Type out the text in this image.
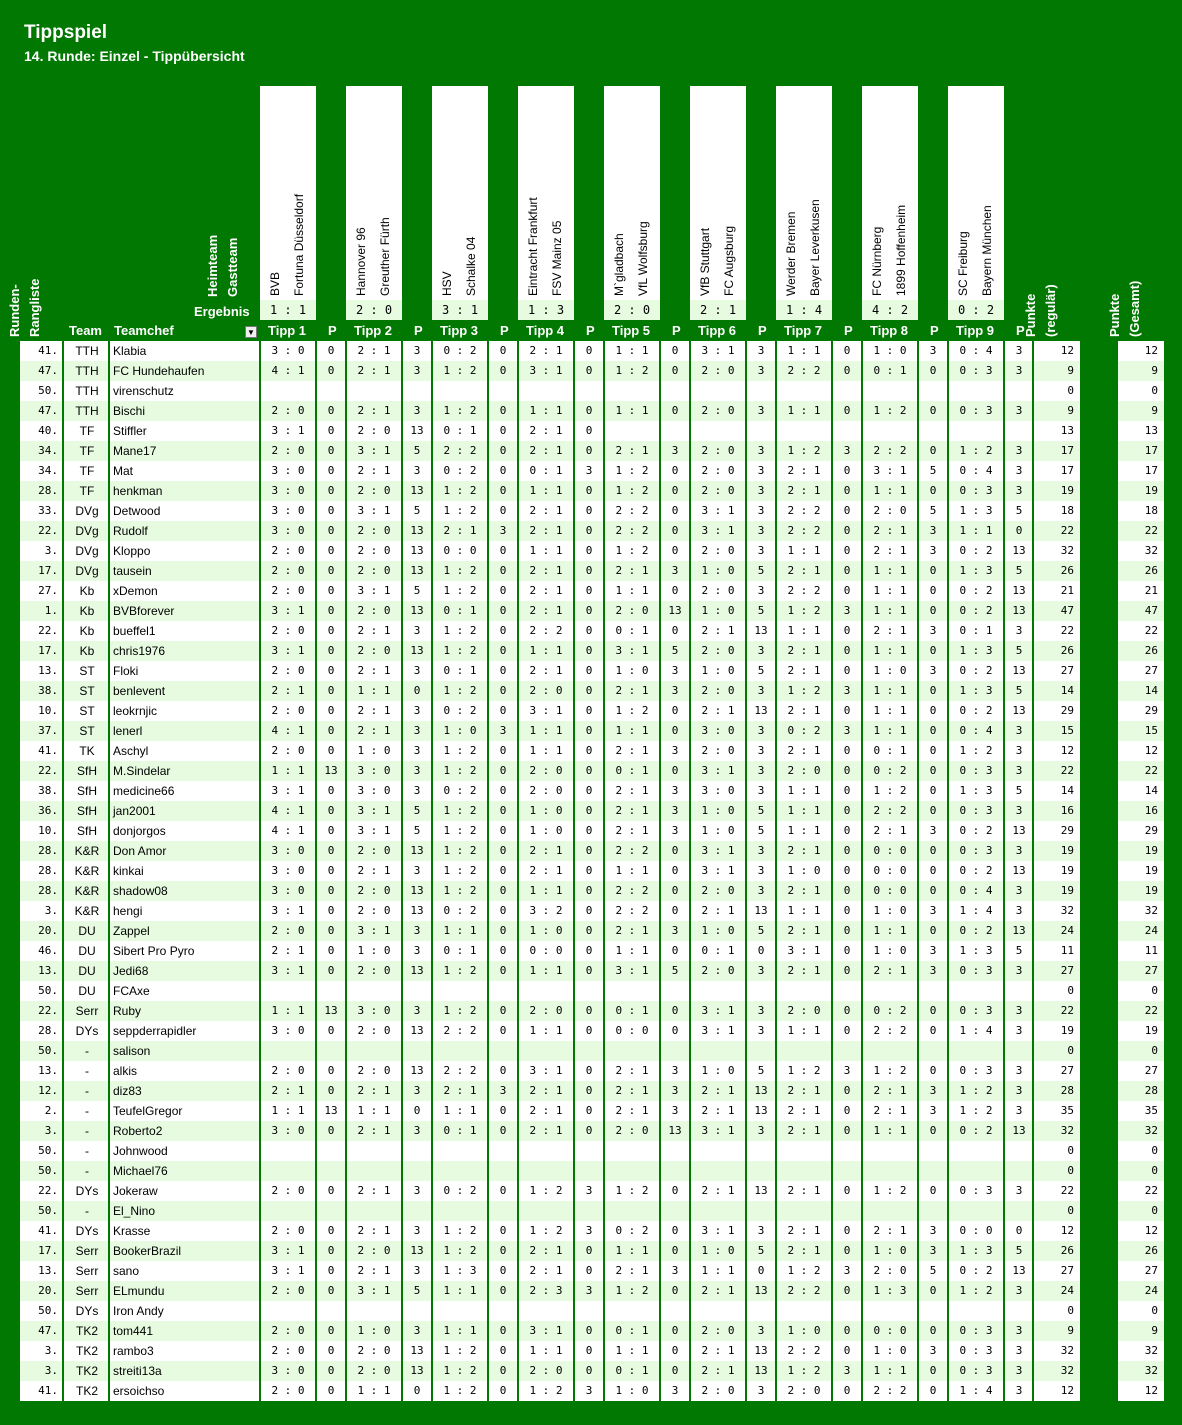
Tippspiel
14. Runde: Einzel - Tippübersicht
BVB Fortuna Düsseldorf
1 : 1
Hannover 96 Greuther Fürth
2 : 0
HSV Schalke 04
3 : 1
Eintracht Frankfurt FSV Mainz 05
1 : 3
M`gladbach VfL Wolfsburg
2 : 0
VfB Stuttgart FC Augsburg
2 : 1
Werder Bremen Bayer Leverkusen
1 : 4
FC Nürnberg 1899 Hoffenheim
4 : 2
SC Freiburg Bayern München
0 : 2
Heimteam Gastteam
Ergebnis
Runden- Rangliste Team Teamchef	▼ Tipp 1 P Tipp 2 P Tipp 3 P Tipp 4 P Tipp 5 P Tipp 6 P Tipp 7 P Tipp 8 P Tipp 9 P
Punkte (regulär)	Punkte (Gesamt)
41.	TTH	Klabia	3 : 0	0	2 : 1	3	0 : 2	0	2 : 1	0	1 : 1	0	3 : 1	3	1 : 1	0	1 : 0	3	0 : 4	3	12	12
47.	TTH	FC Hundehaufen	4 : 1	0	2 : 1	3	1 : 2	0	3 : 1	0	1 : 2	0	2 : 0	3	2 : 2	0	0 : 1	0	0 : 3	3	9	9
50.	TTH	virenschutz	0	0
47.	TTH	Bischi	2 : 0	0	2 : 1	3	1 : 2	0	1 : 1	0	1 : 1	0	2 : 0	3	1 : 1	0	1 : 2	0	0 : 3	3	9	9
40.	TF	Stiffler	3 : 1	0	2 : 0	13	0 : 1	0	2 : 1	0	13	13
34.	TF	Mane17	2 : 0	0	3 : 1	5	2 : 2	0	2 : 1	0	2 : 1	3	2 : 0	3	1 : 2	3	2 : 2	0	1 : 2	3	17	17
34.	TF	Mat	3 : 0	0	2 : 1	3	0 : 2	0	0 : 1	3	1 : 2	0	2 : 0	3	2 : 1	0	3 : 1	5	0 : 4	3	17	17
28.	TF	henkman	3 : 0	0	2 : 0	13	1 : 2	0	1 : 1	0	1 : 2	0	2 : 0	3	2 : 1	0	1 : 1	0	0 : 3	3	19	19
33.	DVg	Detwood	3 : 0	0	3 : 1	5	1 : 2	0	2 : 1	0	2 : 2	0	3 : 1	3	2 : 2	0	2 : 0	5	1 : 3	5	18	18
22.	DVg	Rudolf	3 : 0	0	2 : 0	13	2 : 1	3	2 : 1	0	2 : 2	0	3 : 1	3	2 : 2	0	2 : 1	3	1 : 1	0	22	22
3.	DVg	Kloppo	2 : 0	0	2 : 0	13	0 : 0	0	1 : 1	0	1 : 2	0	2 : 0	3	1 : 1	0	2 : 1	3	0 : 2	13	32	32
17.	DVg	tausein	2 : 0	0	2 : 0	13	1 : 2	0	2 : 1	0	2 : 1	3	1 : 0	5	2 : 1	0	1 : 1	0	1 : 3	5	26	26
27.	Kb	xDemon	2 : 0	0	3 : 1	5	1 : 2	0	2 : 1	0	1 : 1	0	2 : 0	3	2 : 2	0	1 : 1	0	0 : 2	13	21	21
1.	Kb	BVBforever	3 : 1	0	2 : 0	13	0 : 1	0	2 : 1	0	2 : 0	13	1 : 0	5	1 : 2	3	1 : 1	0	0 : 2	13	47	47
22.	Kb	bueffel1	2 : 0	0	2 : 1	3	1 : 2	0	2 : 2	0	0 : 1	0	2 : 1	13	1 : 1	0	2 : 1	3	0 : 1	3	22	22
17.	Kb	chris1976	3 : 1	0	2 : 0	13	1 : 2	0	1 : 1	0	3 : 1	5	2 : 0	3	2 : 1	0	1 : 1	0	1 : 3	5	26	26
13.	ST	Floki	2 : 0	0	2 : 1	3	0 : 1	0	2 : 1	0	1 : 0	3	1 : 0	5	2 : 1	0	1 : 0	3	0 : 2	13	27	27
38.	ST	benlevent	2 : 1	0	1 : 1	0	1 : 2	0	2 : 0	0	2 : 1	3	2 : 0	3	1 : 2	3	1 : 1	0	1 : 3	5	14	14
10.	ST	leokrnjic	2 : 0	0	2 : 1	3	0 : 2	0	3 : 1	0	1 : 2	0	2 : 1	13	2 : 1	0	1 : 1	0	0 : 2	13	29	29
37.	ST	lenerl	4 : 1	0	2 : 1	3	1 : 0	3	1 : 1	0	1 : 1	0	3 : 0	3	0 : 2	3	1 : 1	0	0 : 4	3	15	15
41.	TK	Aschyl	2 : 0	0	1 : 0	3	1 : 2	0	1 : 1	0	2 : 1	3	2 : 0	3	2 : 1	0	0 : 1	0	1 : 2	3	12	12
22.	SfH	M.Sindelar	1 : 1	13	3 : 0	3	1 : 2	0	2 : 0	0	0 : 1	0	3 : 1	3	2 : 0	0	0 : 2	0	0 : 3	3	22	22
38.	SfH	medicine66	3 : 1	0	3 : 0	3	0 : 2	0	2 : 0	0	2 : 1	3	3 : 0	3	1 : 1	0	1 : 2	0	1 : 3	5	14	14
36.	SfH	jan2001	4 : 1	0	3 : 1	5	1 : 2	0	1 : 0	0	2 : 1	3	1 : 0	5	1 : 1	0	2 : 2	0	0 : 3	3	16	16
10.	SfH	donjorgos	4 : 1	0	3 : 1	5	1 : 2	0	1 : 0	0	2 : 1	3	1 : 0	5	1 : 1	0	2 : 1	3	0 : 2	13	29	29
28.	K&R	Don Amor	3 : 0	0	2 : 0	13	1 : 2	0	2 : 1	0	2 : 2	0	3 : 1	3	2 : 1	0	0 : 0	0	0 : 3	3	19	19
28.	K&R	kinkai	3 : 0	0	2 : 1	3	1 : 2	0	2 : 1	0	1 : 1	0	3 : 1	3	1 : 0	0	0 : 0	0	0 : 2	13	19	19
28.	K&R	shadow08	3 : 0	0	2 : 0	13	1 : 2	0	1 : 1	0	2 : 2	0	2 : 0	3	2 : 1	0	0 : 0	0	0 : 4	3	19	19
3.	K&R	hengi	3 : 1	0	2 : 0	13	0 : 2	0	3 : 2	0	2 : 2	0	2 : 1	13	1 : 1	0	1 : 0	3	1 : 4	3	32	32
20.	DU	Zappel	2 : 0	0	3 : 1	3	1 : 1	0	1 : 0	0	2 : 1	3	1 : 0	5	2 : 1	0	1 : 1	0	0 : 2	13	24	24
46.	DU	Sibert Pro Pyro	2 : 1	0	1 : 0	3	0 : 1	0	0 : 0	0	1 : 1	0	0 : 1	0	3 : 1	0	1 : 0	3	1 : 3	5	11	11
13.	DU	Jedi68	3 : 1	0	2 : 0	13	1 : 2	0	1 : 1	0	3 : 1	5	2 : 0	3	2 : 1	0	2 : 1	3	0 : 3	3	27	27
50.	DU	FCAxe	0	0
22.	Serr	Ruby	1 : 1	13	3 : 0	3	1 : 2	0	2 : 0	0	0 : 1	0	3 : 1	3	2 : 0	0	0 : 2	0	0 : 3	3	22	22
28.	DYs	seppderrapidler	3 : 0	0	2 : 0	13	2 : 2	0	1 : 1	0	0 : 0	0	3 : 1	3	1 : 1	0	2 : 2	0	1 : 4	3	19	19
50.	-	salison	0	0
13.	-	alkis	2 : 0	0	2 : 0	13	2 : 2	0	3 : 1	0	2 : 1	3	1 : 0	5	1 : 2	3	1 : 2	0	0 : 3	3	27	27
12.	-	diz83	2 : 1	0	2 : 1	3	2 : 1	3	2 : 1	0	2 : 1	3	2 : 1	13	2 : 1	0	2 : 1	3	1 : 2	3	28	28
2.	-	TeufelGregor	1 : 1	13	1 : 1	0	1 : 1	0	2 : 1	0	2 : 1	3	2 : 1	13	2 : 1	0	2 : 1	3	1 : 2	3	35	35
3.	-	Roberto2	3 : 0	0	2 : 1	3	0 : 1	0	2 : 1	0	2 : 0	13	3 : 1	3	2 : 1	0	1 : 1	0	0 : 2	13	32	32
50.	-	Johnwood	0	0
50.	-	Michael76	0	0
22.	DYs	Jokeraw	2 : 0	0	2 : 1	3	0 : 2	0	1 : 2	3	1 : 2	0	2 : 1	13	2 : 1	0	1 : 2	0	0 : 3	3	22	22
50.	-	El_Nino	0	0
41.	DYs	Krasse	2 : 0	0	2 : 1	3	1 : 2	0	1 : 2	3	0 : 2	0	3 : 1	3	2 : 1	0	2 : 1	3	0 : 0	0	12	12
17.	Serr	BookerBrazil	3 : 1	0	2 : 0	13	1 : 2	0	2 : 1	0	1 : 1	0	1 : 0	5	2 : 1	0	1 : 0	3	1 : 3	5	26	26
13.	Serr	sano	3 : 1	0	2 : 1	3	1 : 3	0	2 : 1	0	2 : 1	3	1 : 1	0	1 : 2	3	2 : 0	5	0 : 2	13	27	27
20.	Serr	ELmundu	2 : 0	0	3 : 1	5	1 : 1	0	2 : 3	3	1 : 2	0	2 : 1	13	2 : 2	0	1 : 3	0	1 : 2	3	24	24
50.	DYs	Iron Andy	0	0
47.	TK2	tom441	2 : 0	0	1 : 0	3	1 : 1	0	3 : 1	0	0 : 1	0	2 : 0	3	1 : 0	0	0 : 0	0	0 : 3	3	9	9
3.	TK2	rambo3	2 : 0	0	2 : 0	13	1 : 2	0	1 : 1	0	1 : 1	0	2 : 1	13	2 : 2	0	1 : 0	3	0 : 3	3	32	32
3.	TK2	streiti13a	3 : 0	0	2 : 0	13	1 : 2	0	2 : 0	0	0 : 1	0	2 : 1	13	1 : 2	3	1 : 1	0	0 : 3	3	32	32
41.	TK2	ersoichso	2 : 0	0	1 : 1	0	1 : 2	0	1 : 2	3	1 : 0	3	2 : 0	3	2 : 0	0	2 : 2	0	1 : 4	3	12	12
